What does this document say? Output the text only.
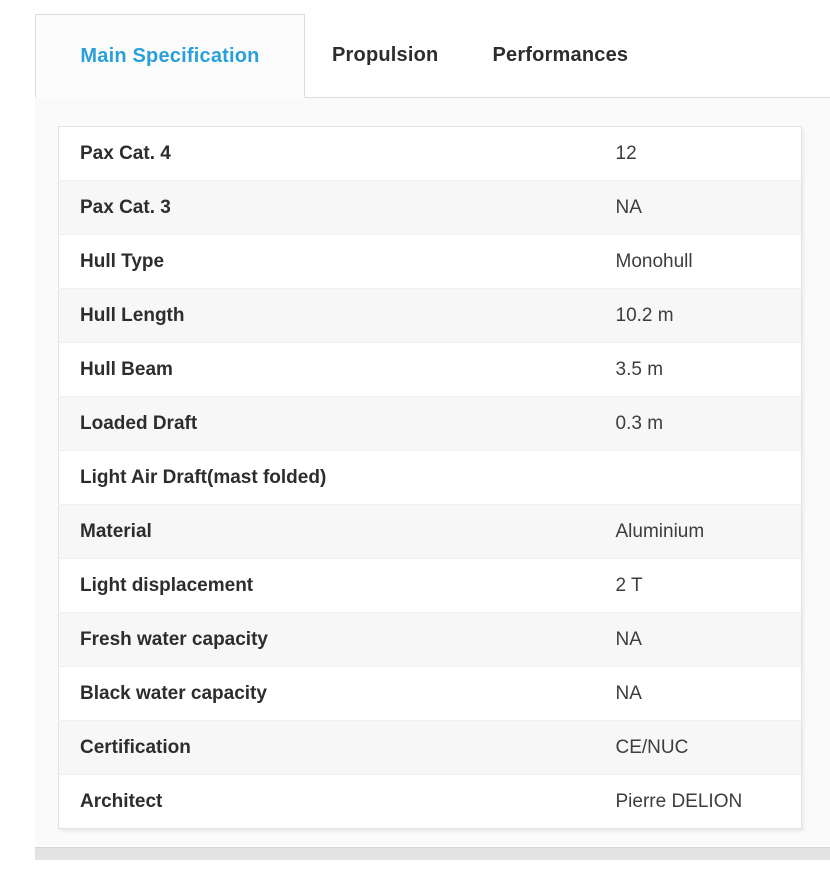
Main Specification	Propulsion	Performances
Pax Cat. 4	12
Pax Cat. 3	NA
Hull Type	Monohull
Hull Length	10.2 m
Hull Beam	3.5 m
Loaded Draft	0.3 m
Light Air Draft(mast folded)	
Material	Aluminium
Light displacement	2 T
Fresh water capacity	NA
Black water capacity	NA
Certification	CE/NUC
Architect	Pierre DELION
